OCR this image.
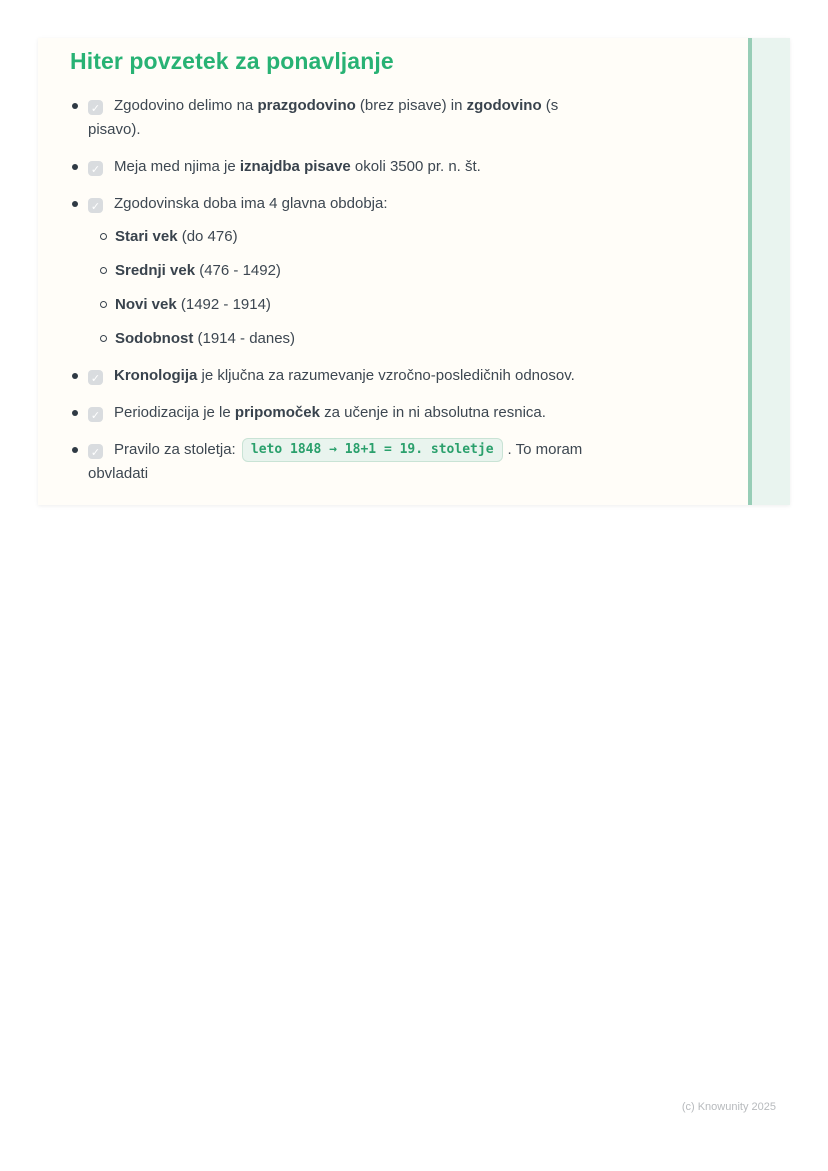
Hiter povzetek za ponavljanje
✓ Zgodovino delimo na prazgodovino (brez pisave) in zgodovino (s
pisavo).
✓ Meja med njima je iznajdba pisave okoli 3500 pr. n. št.
✓ Zgodovinska doba ima 4 glavna obdobja:
Stari vek (do 476)
Srednji vek (476 - 1492)
Novi vek (1492 - 1914)
Sodobnost (1914 - danes)
✓ Kronologija je ključna za razumevanje vzročno-posledičnih odnosov.
✓ Periodizacija je le pripomoček za učenje in ni absolutna resnica.
✓ Pravilo za stoletja: leto 1848 → 18+1 = 19. stoletje . To moram
obvladati
(c) Knowunity 2025
